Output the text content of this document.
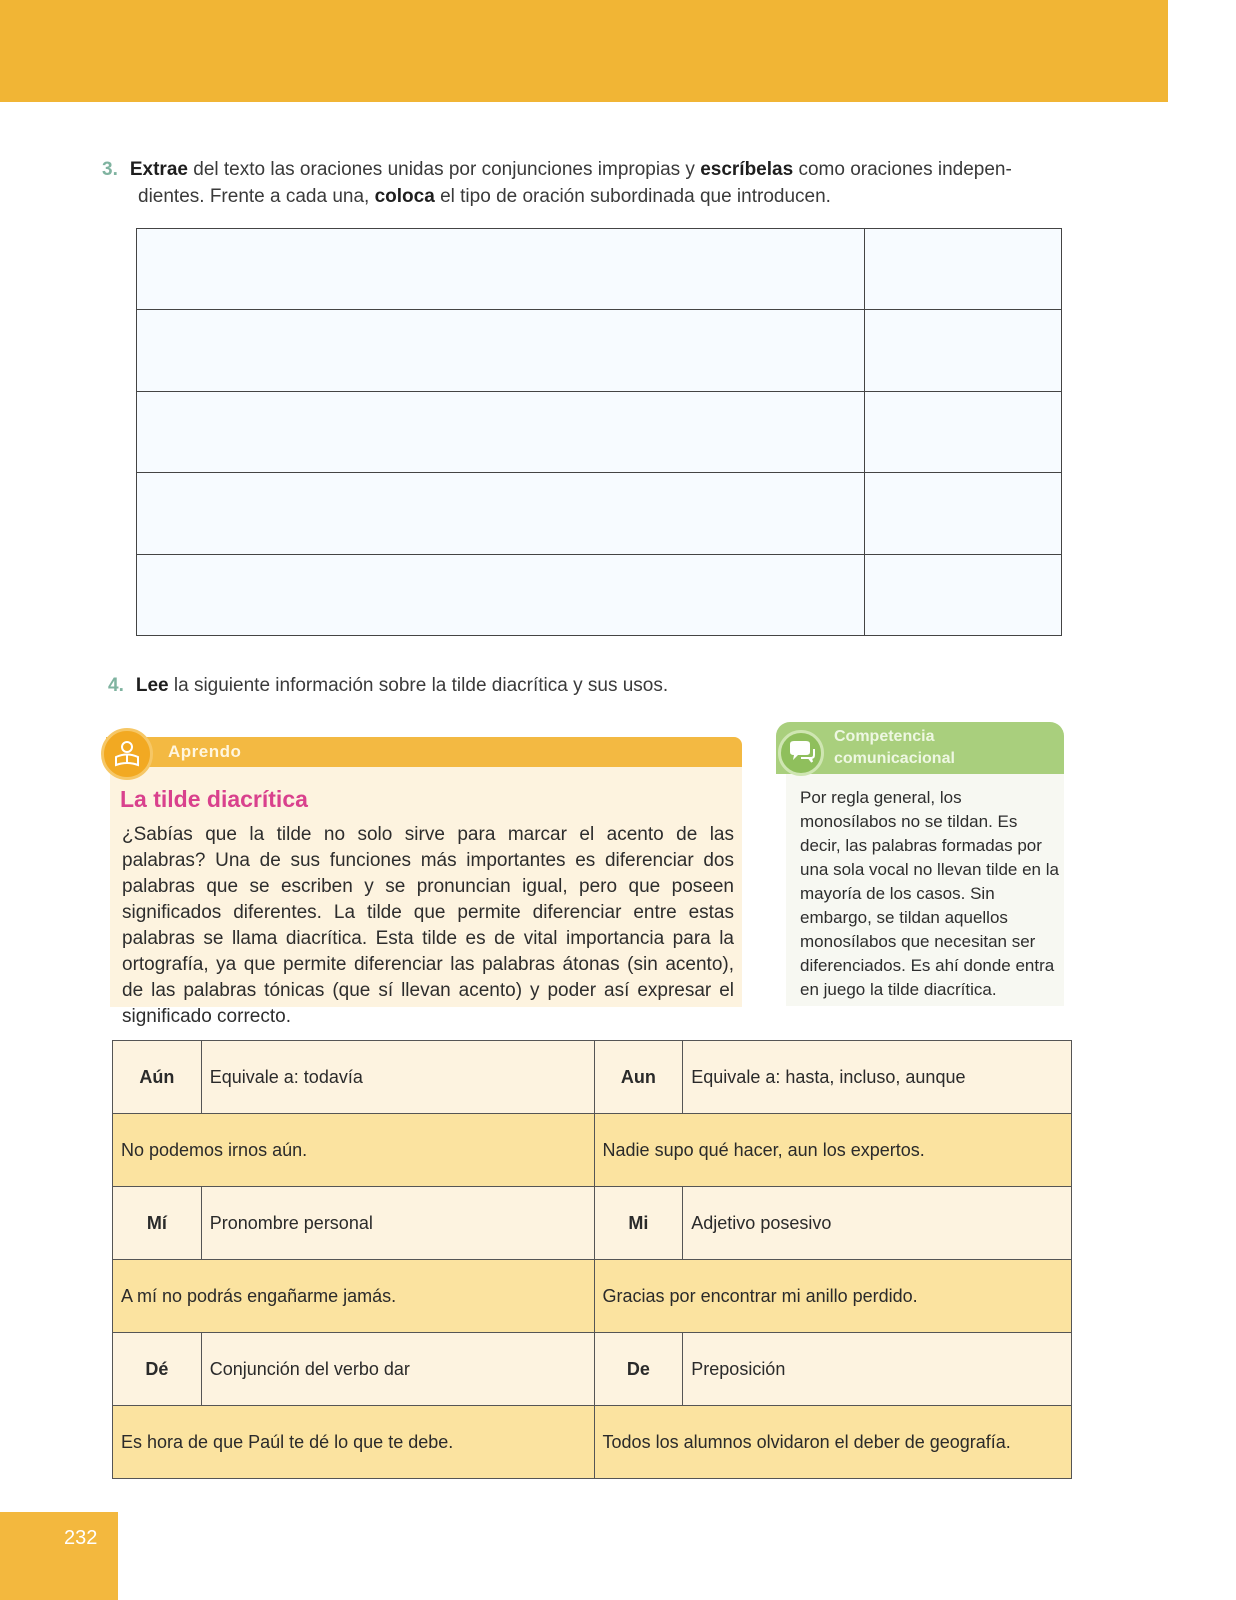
3. Extrae del texto las oraciones unidas por conjunciones impropias y escríbelas como oraciones indepen-
dientes. Frente a cada una, coloca el tipo de oración subordinada que introducen.

4. Lee la siguiente información sobre la tilde diacrítica y sus usos.
Aprendo
La tilde diacrítica
¿Sabías que la tilde no solo sirve para marcar el acento de las palabras? Una de sus funciones más importantes es diferenciar dos palabras que se escriben y se pronuncian igual, pero que poseen significados diferentes. La tilde que permite diferenciar entre estas palabras se llama diacrítica. Esta tilde es de vital importancia para la ortografía, ya que permite diferenciar las palabras átonas (sin acento), de las palabras tónicas (que sí llevan acento) y poder así expresar el significado correcto.
Competencia
comunicacional
Por regla general, los monosílabos no se tildan. Es decir, las palabras formadas por una sola vocal no llevan tilde en la mayoría de los casos. Sin embargo, se tildan aquellos monosílabos que necesitan ser diferenciados. Es ahí donde entra en juego la tilde diacrítica.
Aún	Equivale a: todavía	Aun	Equivale a: hasta, incluso, aunque
No podemos irnos aún.		Nadie supo qué hacer, aun los expertos.	
Mí	Pronombre personal	Mi	Adjetivo posesivo
A mí no podrás engañarme jamás.		Gracias por encontrar mi anillo perdido.	
Dé	Conjunción del verbo dar	De	Preposición
Es hora de que Paúl te dé lo que te debe.		Todos los alumnos olvidaron el deber de geografía.	
232
